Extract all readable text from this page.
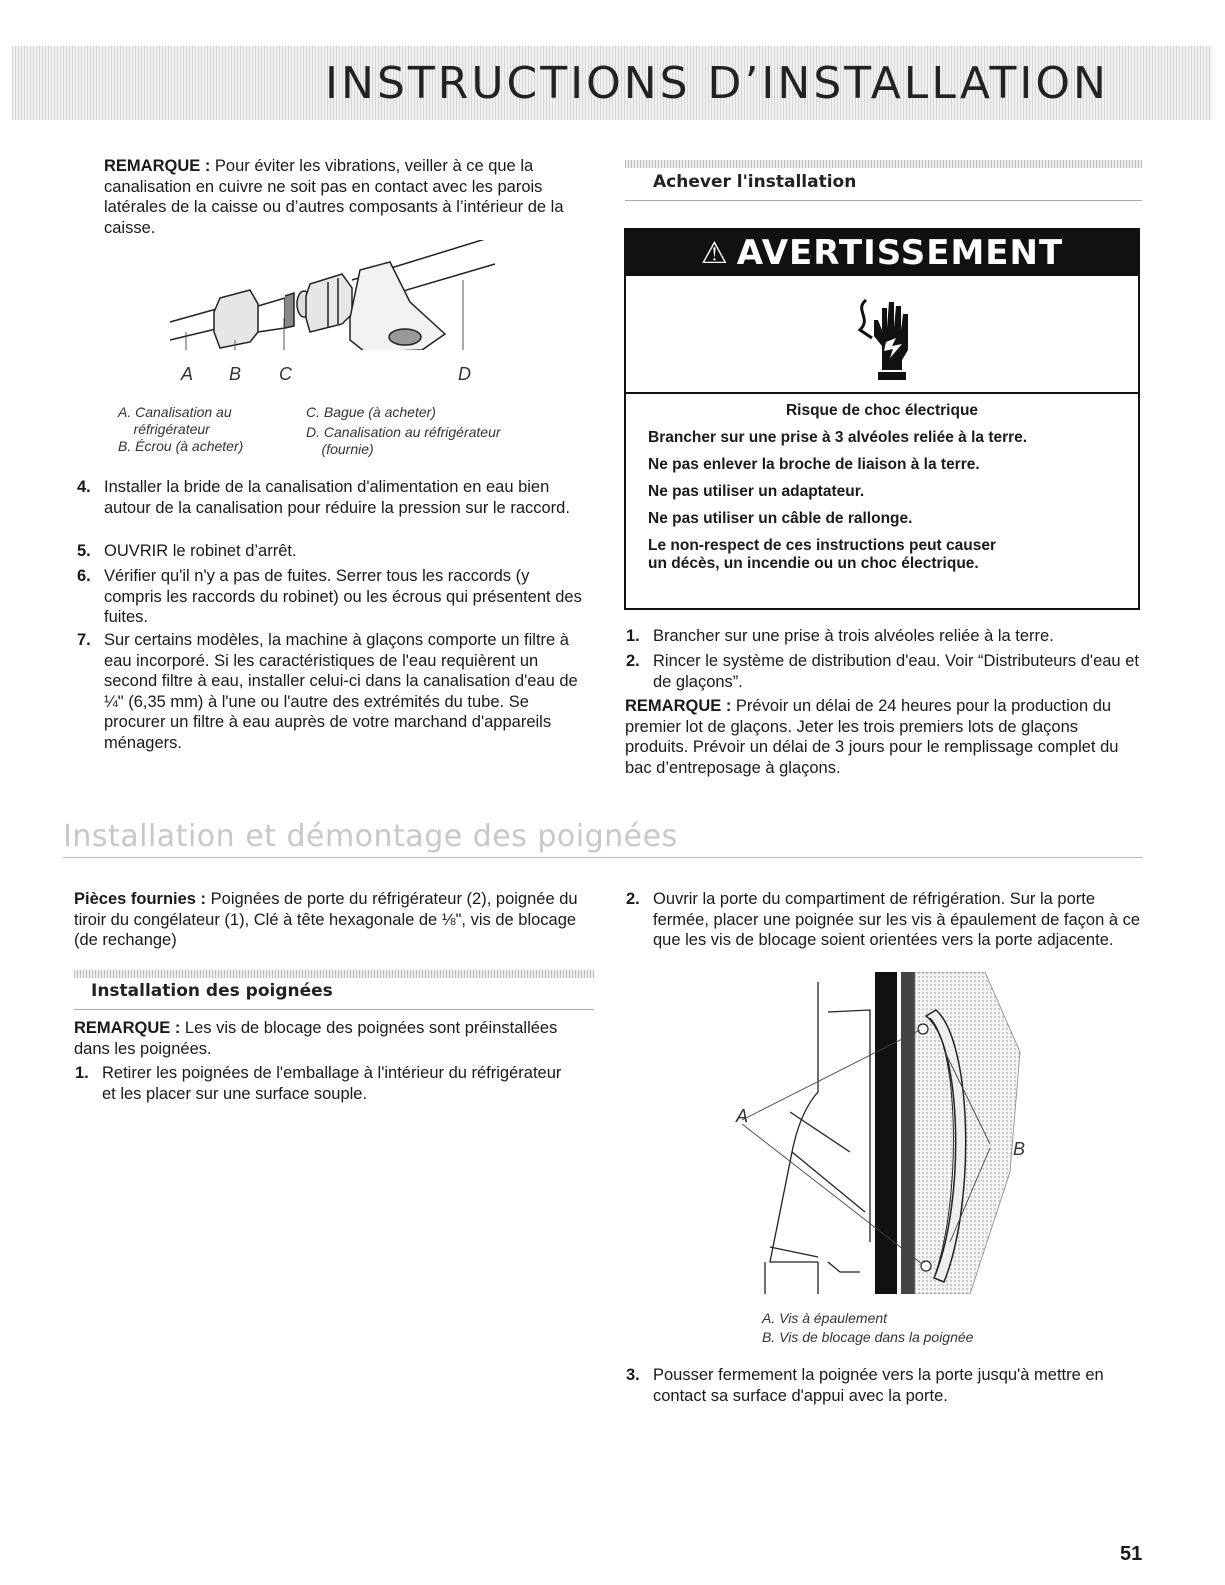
INSTRUCTIONS D’INSTALLATION
REMARQUE : Pour éviter les vibrations, veiller à ce que la canalisation en cuivre ne soit pas en contact avec les parois latérales de la caisse ou d’autres composants à l’intérieur de la caisse.
A B C	D
A. Canalisation au
réfrigérateur
B. Écrou (à acheter)
C. Bague (à acheter)
D. Canalisation au réfrigérateur
(fournie)
4. Installer la bride de la canalisation d'alimentation en eau bien autour de la canalisation pour réduire la pression sur le raccord.
5. OUVRIR le robinet d’arrêt.
6. Vérifier qu'il n'y a pas de fuites. Serrer tous les raccords (y compris les raccords du robinet) ou les écrous qui présentent des fuites.
7. Sur certains modèles, la machine à glaçons comporte un filtre à eau incorporé. Si les caractéristiques de l'eau requièrent un second filtre à eau, installer celui-ci dans la canalisation d'eau de ¼" (6,35 mm) à l'une ou l'autre des extrémités du tube. Se procurer un filtre à eau auprès de votre marchand d'appareils ménagers.
Achever l'installation
⚠ AVERTISSEMENT
Risque de choc électrique
Brancher sur une prise à 3 alvéoles reliée à la terre.
Ne pas enlever la broche de liaison à la terre.
Ne pas utiliser un adaptateur.
Ne pas utiliser un câble de rallonge.
Le non-respect de ces instructions peut causer
un décès, un incendie ou un choc électrique.
1. Brancher sur une prise à trois alvéoles reliée à la terre.
2. Rincer le système de distribution d'eau. Voir “Distributeurs d'eau et de glaçons”.
REMARQUE : Prévoir un délai de 24 heures pour la production du premier lot de glaçons. Jeter les trois premiers lots de glaçons produits. Prévoir un délai de 3 jours pour le remplissage complet du bac d’entreposage à glaçons.
Installation et démontage des poignées
Pièces fournies : Poignées de porte du réfrigérateur (2), poignée du tiroir du congélateur (1), Clé à tête hexagonale de ⅛", vis de blocage (de rechange)
Installation des poignées
REMARQUE : Les vis de blocage des poignées sont préinstallées dans les poignées.
1. Retirer les poignées de l'emballage à l'intérieur du réfrigérateur et les placer sur une surface souple.
2. Ouvrir la porte du compartiment de réfrigération. Sur la porte fermée, placer une poignée sur les vis à épaulement de façon à ce que les vis de blocage soient orientées vers la porte adjacente.
A
B
A. Vis à épaulement
B. Vis de blocage dans la poignée
3. Pousser fermement la poignée vers la porte jusqu'à mettre en contact sa surface d'appui avec la porte.
51
